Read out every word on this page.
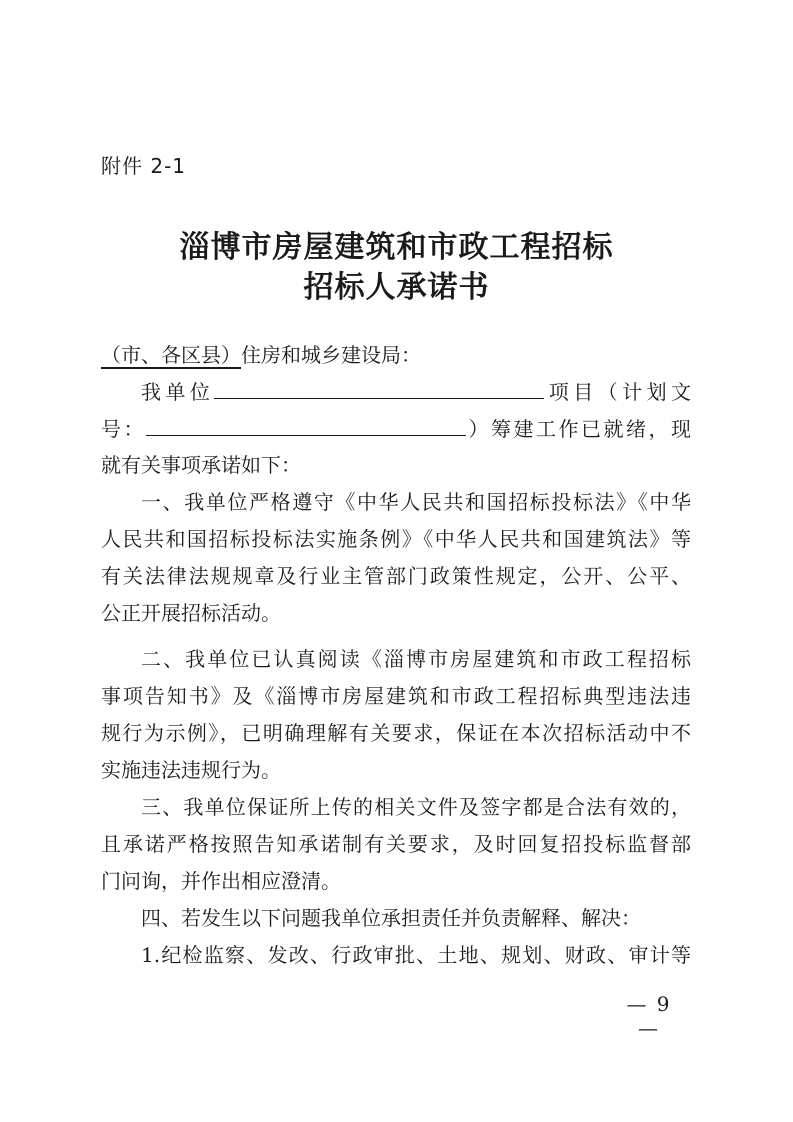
附件 2-1
淄博市房屋建筑和市政工程招标
招标人承诺书
（市、各区县）住房和城乡建设局：
我单位	项目（计划文
号：	）筹建工作已就绪，现
就有关事项承诺如下：
一、我单位严格遵守《中华人民共和国招标投标法》《中华
人民共和国招标投标法实施条例》《中华人民共和国建筑法》等
有关法律法规规章及行业主管部门政策性规定，公开、公平、
公正开展招标活动。
二、我单位已认真阅读《淄博市房屋建筑和市政工程招标
事项告知书》及《淄博市房屋建筑和市政工程招标典型违法违
规行为示例》，已明确理解有关要求，保证在本次招标活动中不
实施违法违规行为。
三、我单位保证所上传的相关文件及签字都是合法有效的，
且承诺严格按照告知承诺制有关要求，及时回复招投标监督部
门问询，并作出相应澄清。
四、若发生以下问题我单位承担责任并负责解释、解决：
1.纪检监察、发改、行政审批、土地、规划、财政、审计等
— 9 —
